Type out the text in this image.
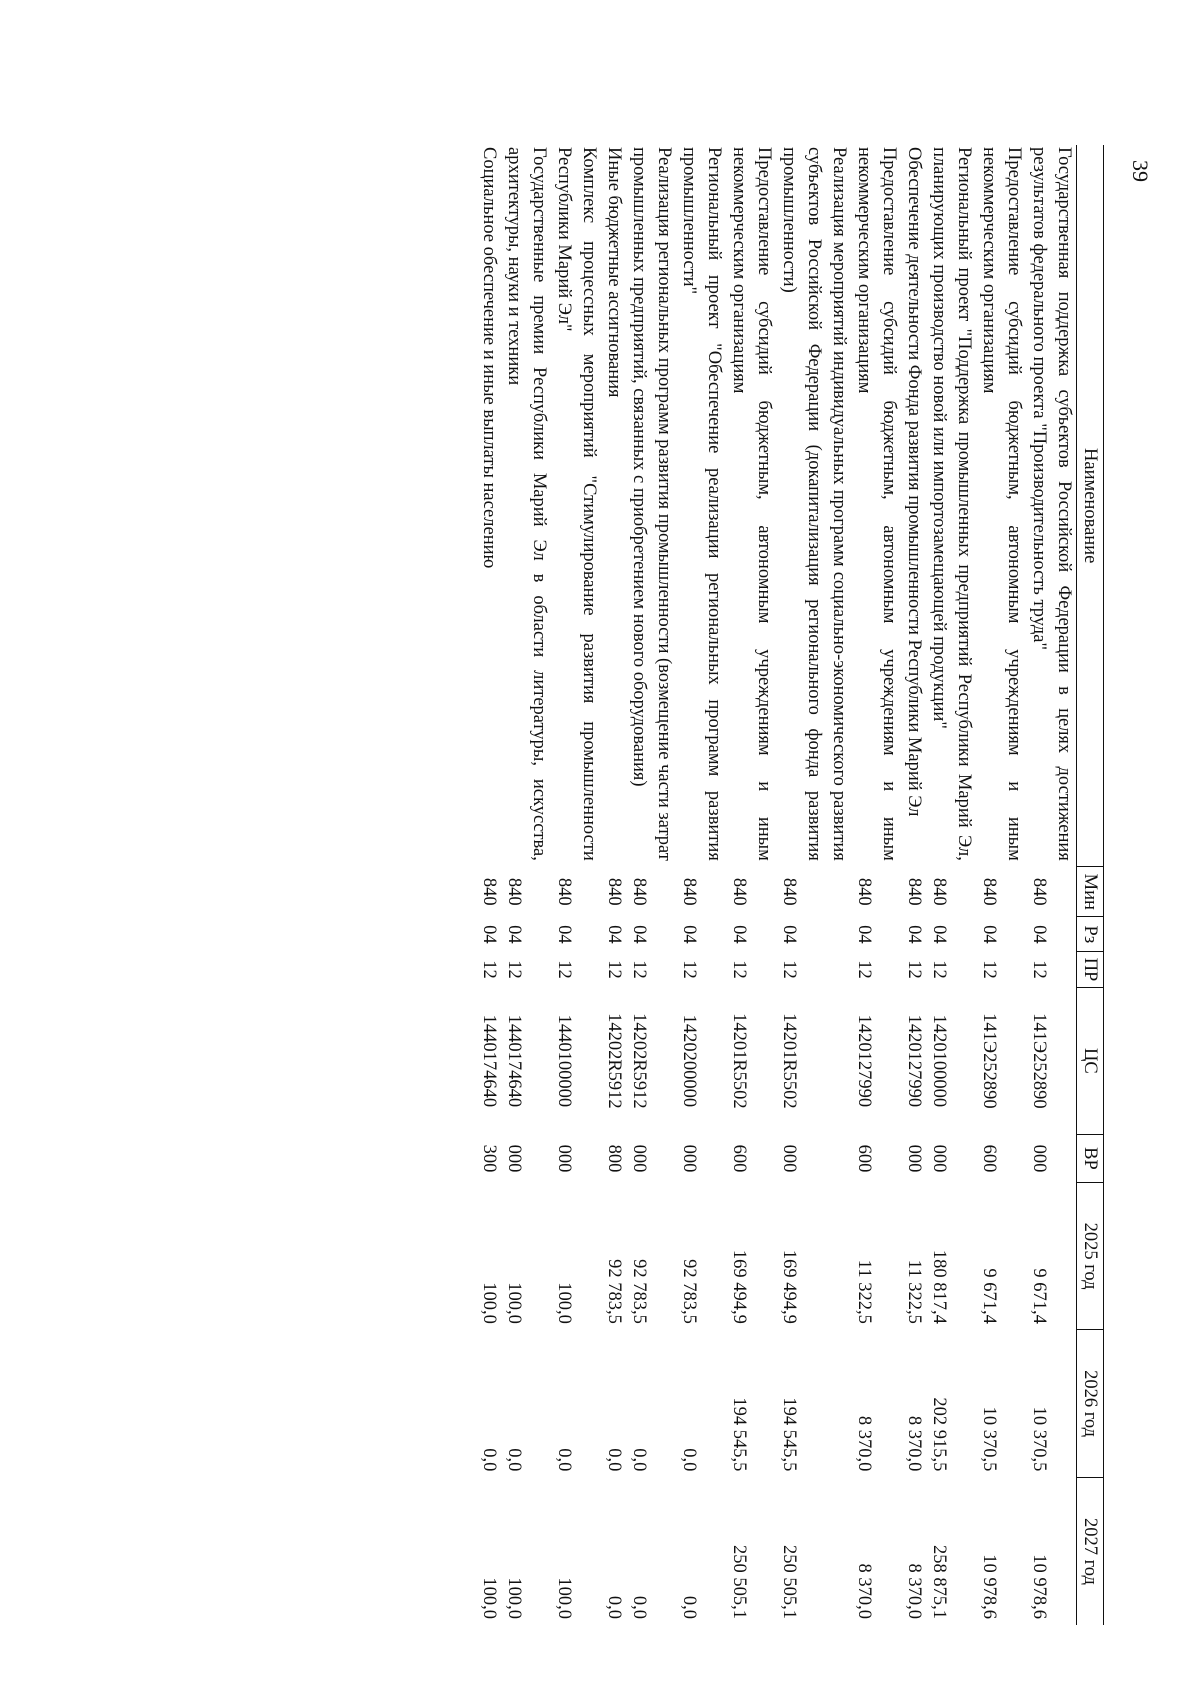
39
Наименование	Мин	Рз	ПР	ЦС	ВР	2025 год	2026 год	2027 год
Государственная поддержка субъектов Российской Федерации в целях достижения результатов федерального проекта "Производительность труда"	840	04	12	141Э252890	000	9 671,4	10 370,5	10 978,6
Предоставление субсидий бюджетным, автономным учреждениям и иным некоммерческим организациям	840	04	12	141Э252890	600	9 671,4	10 370,5	10 978,6
Региональный проект "Поддержка промышленных предприятий Республики Марий Эл, планирующих производство новой или импортозамещающей продукции"	840	04	12	1420100000	000	180 817,4	202 915,5	258 875,1
Обеспечение деятельности Фонда развития промышленности Республики Марий Эл	840	04	12	1420127990	000	11 322,5	8 370,0	8 370,0
Предоставление субсидий бюджетным, автономным учреждениям и иным некоммерческим организациям	840	04	12	1420127990	600	11 322,5	8 370,0	8 370,0
Реализация мероприятий индивидуальных программ социально-экономического развития субъектов Российской Федерации (докапитализация регионального фонда развития промышленности)	840	04	12	14201R5502	000	169 494,9	194 545,5	250 505,1
Предоставление субсидий бюджетным, автономным учреждениям и иным некоммерческим организациям	840	04	12	14201R5502	600	169 494,9	194 545,5	250 505,1
Региональный проект "Обеспечение реализации региональных программ развития промышленности"	840	04	12	1420200000	000	92 783,5	0,0	0,0
Реализация региональных программ развития промышленности (возмещение части затрат промышленных предприятий, связанных с приобретением нового оборудования)	840	04	12	14202R5912	000	92 783,5	0,0	0,0
Иные бюджетные ассигнования	840	04	12	14202R5912	800	92 783,5	0,0	0,0
Комплекс процессных мероприятий "Стимулирование развития промышленности Республики Марий Эл"	840	04	12	1440100000	000	100,0	0,0	100,0
Государственные премии Республики Марий Эл в области литературы, искусства, архитектуры, науки и техники	840	04	12	1440174640	000	100,0	0,0	100,0
Социальное обеспечение и иные выплаты населению	840	04	12	1440174640	300	100,0	0,0	100,0
